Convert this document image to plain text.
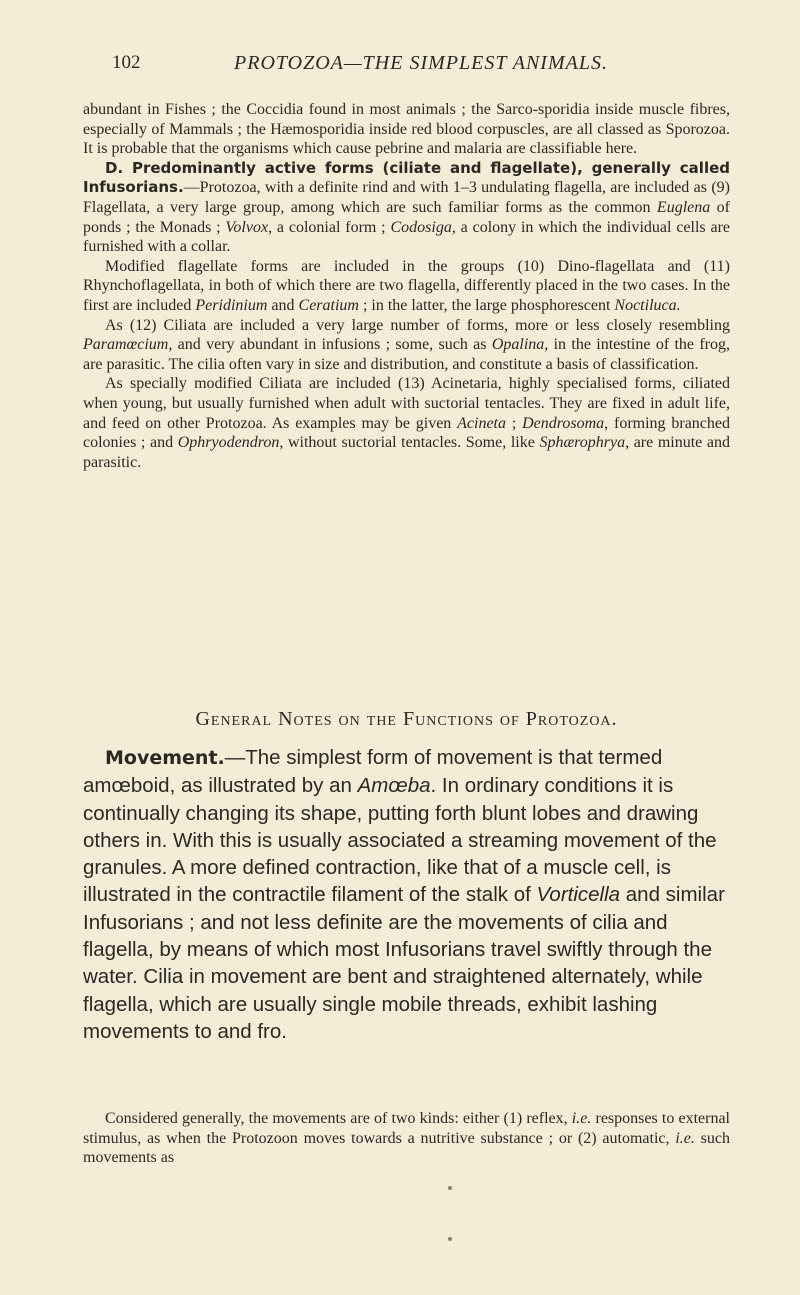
102	PROTOZOA—THE SIMPLEST ANIMALS.

abundant in Fishes ; the Coccidia found in most animals ; the Sarco-sporidia inside muscle fibres, especially of Mammals ; the Hæmosporidia inside red blood corpuscles, are all classed as Sporozoa. It is probable that the organisms which cause pebrine and malaria are classifiable here.

D. Predominantly active forms (ciliate and flagellate), generally called Infusorians.—Protozoa, with a definite rind and with 1–3 undulating flagella, are included as (9) Flagellata, a very large group, among which are such familiar forms as the common Euglena of ponds ; the Monads ; Volvox, a colonial form ; Codosiga, a colony in which the individual cells are furnished with a collar.

Modified flagellate forms are included in the groups (10) Dino-flagellata and (11) Rhynchoflagellata, in both of which there are two flagella, differently placed in the two cases. In the first are included Peridinium and Ceratium ; in the latter, the large phosphorescent Noctiluca.

As (12) Ciliata are included a very large number of forms, more or less closely resembling Paramœcium, and very abundant in infusions ; some, such as Opalina, in the intestine of the frog, are parasitic. The cilia often vary in size and distribution, and constitute a basis of classification.

As specially modified Ciliata are included (13) Acinetaria, highly specialised forms, ciliated when young, but usually furnished when adult with suctorial tentacles. They are fixed in adult life, and feed on other Protozoa. As examples may be given Acineta ; Dendrosoma, forming branched colonies ; and Ophryodendron, without suctorial tentacles. Some, like Sphærophrya, are minute and parasitic.

General Notes on the Functions of Protozoa.

Movement.—The simplest form of movement is that termed amœboid, as illustrated by an Amœba. In ordinary conditions it is continually changing its shape, putting forth blunt lobes and drawing others in. With this is usually associated a streaming movement of the granules. A more defined contraction, like that of a muscle cell, is illustrated in the contractile filament of the stalk of Vorticella and similar Infusorians ; and not less definite are the movements of cilia and flagella, by means of which most Infusorians travel swiftly through the water. Cilia in movement are bent and straightened alternately, while flagella, which are usually single mobile threads, exhibit lashing movements to and fro.

Considered generally, the movements are of two kinds: either (1) reflex, i.e. responses to external stimulus, as when the Protozoon moves towards a nutritive substance ; or (2) automatic, i.e. such movements as
